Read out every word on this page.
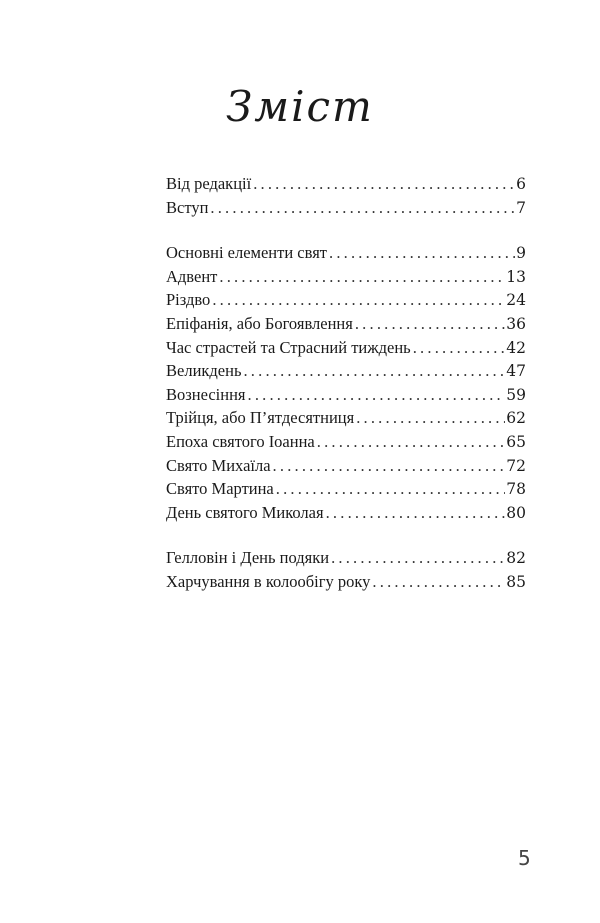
Зміст
Від редакції .....	6
Вступ .....	7
Основні елементи свят .....	9
Адвент .....	13
Різдво .....	24
Епіфанія, або Богоявлення .....	36
Час страстей та Страсний тиждень .....	42
Великдень .....	47
Вознесіння .....	59
Трійця, або П’ятдесятниця .....	62
Епоха святого Іоанна .....	65
Свято Михаїла .....	72
Свято Мартина .....	78
День святого Миколая .....	80
Гелловін і День подяки .....	82
Харчування в колообігу року .....	85
5
